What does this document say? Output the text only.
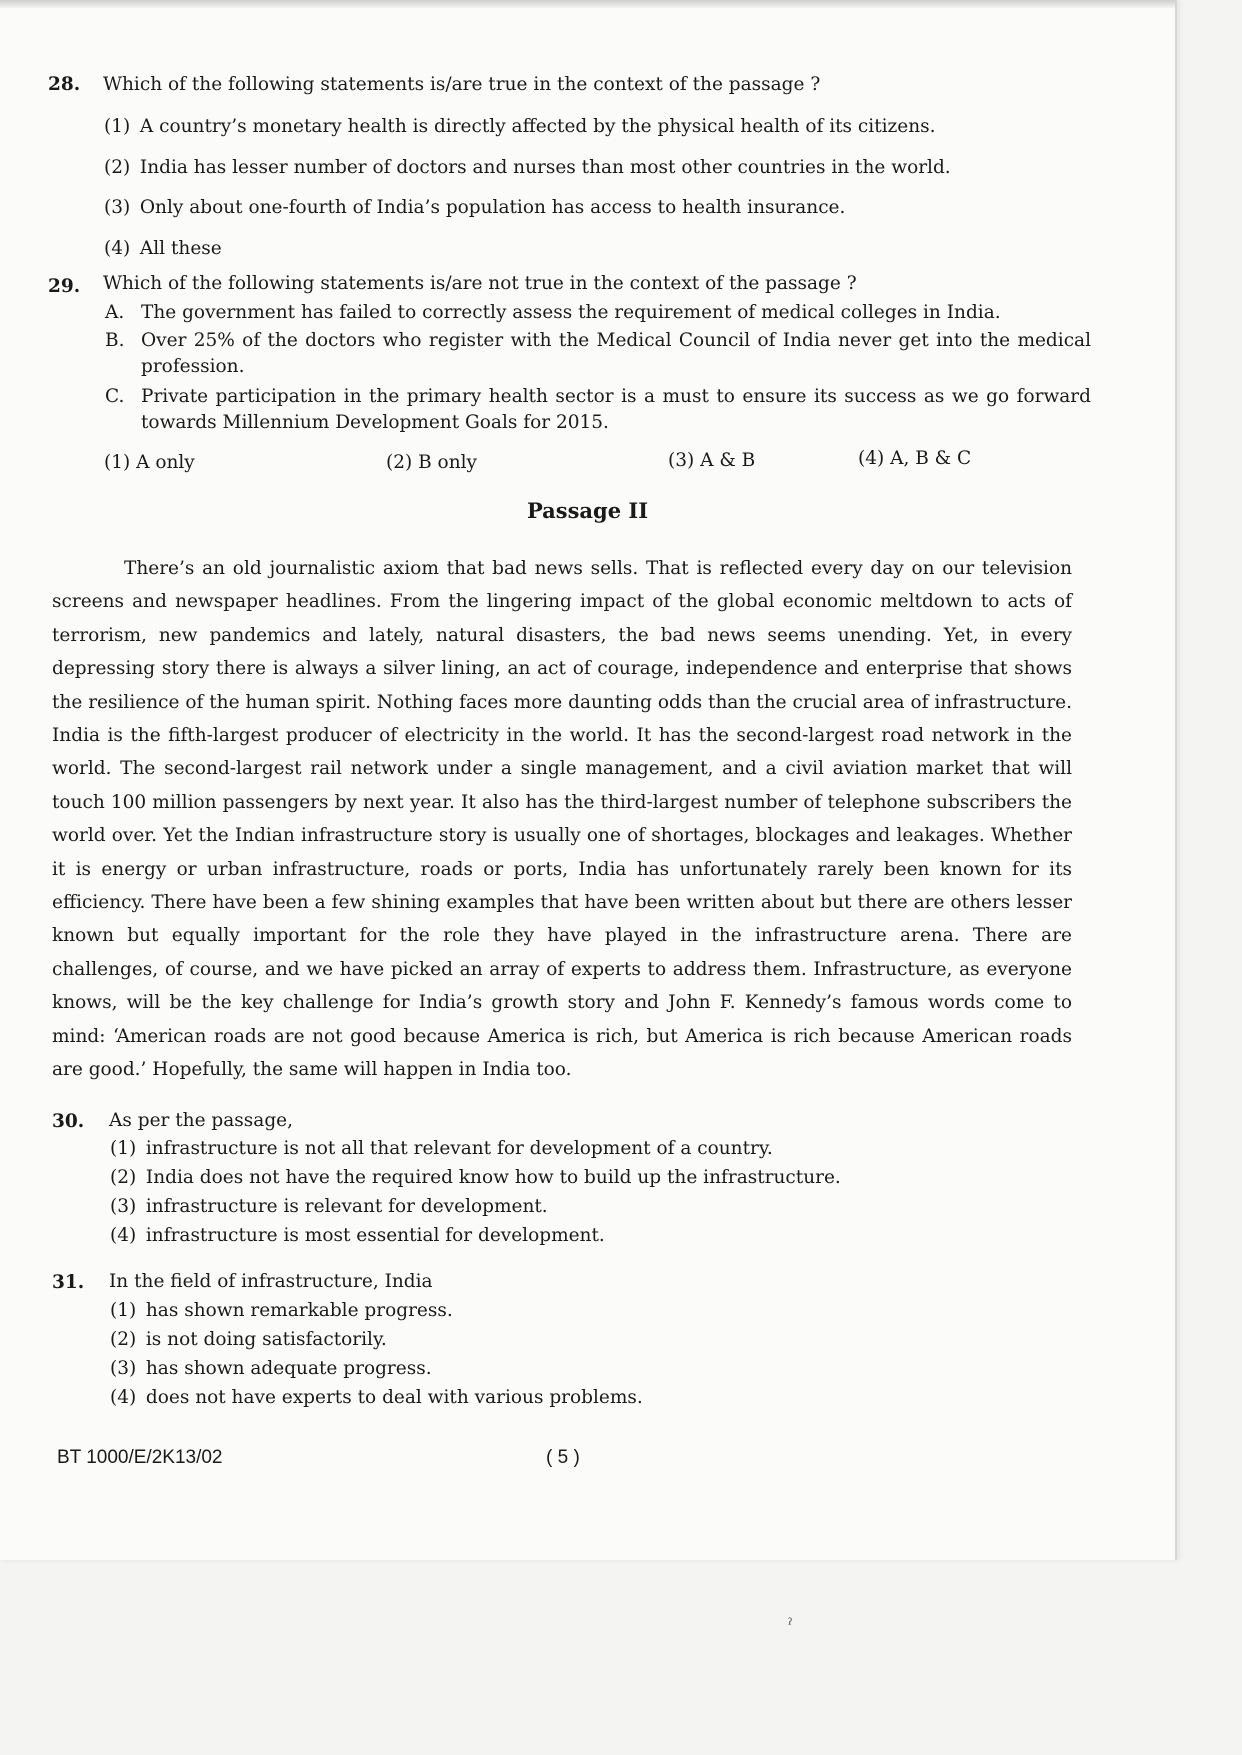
28. Which of the following statements is/are true in the context of the passage ?
(1) A country’s monetary health is directly affected by the physical health of its citizens.
(2) India has lesser number of doctors and nurses than most other countries in the world.
(3) Only about one-fourth of India’s population has access to health insurance.
(4) All these
29. Which of the following statements is/are not true in the context of the passage ?
A. The government has failed to correctly assess the requirement of medical colleges in India.
B. Over 25% of the doctors who register with the Medical Council of India never get into the medical profession.
C. Private participation in the primary health sector is a must to ensure its success as we go forward towards Millennium Development Goals for 2015.
(1) A only	(2) B only	(3) A & B	(4) A, B & C
Passage II
There’s an old journalistic axiom that bad news sells. That is reflected every day on our television screens and newspaper headlines. From the lingering impact of the global economic meltdown to acts of terrorism, new pandemics and lately, natural disasters, the bad news seems unending. Yet, in every depressing story there is always a silver lining, an act of courage, independence and enterprise that shows the resilience of the human spirit. Nothing faces more daunting odds than the crucial area of infrastructure. India is the fifth-largest producer of electricity in the world. It has the second-largest road network in the world. The second-largest rail network under a single management, and a civil aviation market that will touch 100 million passengers by next year. It also has the third-largest number of telephone subscribers the world over. Yet the Indian infrastructure story is usually one of shortages, blockages and leakages. Whether it is energy or urban infrastructure, roads or ports, India has unfortunately rarely been known for its efficiency. There have been a few shining examples that have been written about but there are others lesser known but equally important for the role they have played in the infrastructure arena. There are challenges, of course, and we have picked an array of experts to address them. Infrastructure, as everyone knows, will be the key challenge for India’s growth story and John F. Kennedy’s famous words come to mind: ‘American roads are not good because America is rich, but America is rich because American roads are good.’ Hopefully, the same will happen in India too.
30. As per the passage,
(1) infrastructure is not all that relevant for development of a country.
(2) India does not have the required know how to build up the infrastructure.
(3) infrastructure is relevant for development.
(4) infrastructure is most essential for development.
31. In the field of infrastructure, India
(1) has shown remarkable progress.
(2) is not doing satisfactorily.
(3) has shown adequate progress.
(4) does not have experts to deal with various problems.
BT 1000/E/2K13/02	( 5 )
ˀ
